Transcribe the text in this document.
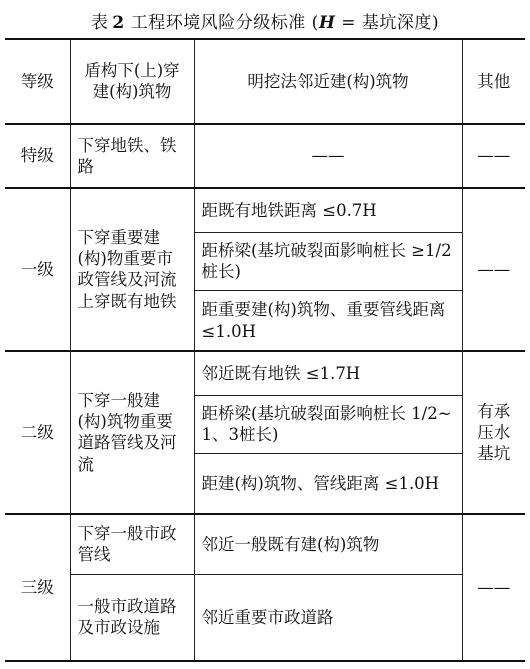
表 2 工程环境风险分级标准 (H = 基坑深度)
等级	盾构下(上)穿建(构)筑物	明挖法邻近建(构)筑物	其他
特级	下穿地铁、铁路	——	——
一级	下穿重要建(构)物重要市政管线及河流上穿既有地铁	距既有地铁距离 ≤0.7H	——
		距桥梁(基坑破裂面影响桩长 ≥1/2桩长)	
		距重要建(构)筑物、重要管线距离 ≤1.0H	
二级	下穿一般建(构)筑物重要道路管线及河流	邻近既有地铁 ≤1.7H	有承压水基坑
		距桥梁(基坑破裂面影响桩长 1/2~1、3桩长)	
		距建(构)筑物、管线距离 ≤1.0H	
三级	下穿一般市政管线	邻近一般既有建(构)筑物	——
	一般市政道路及市政设施	邻近重要市政道路	
